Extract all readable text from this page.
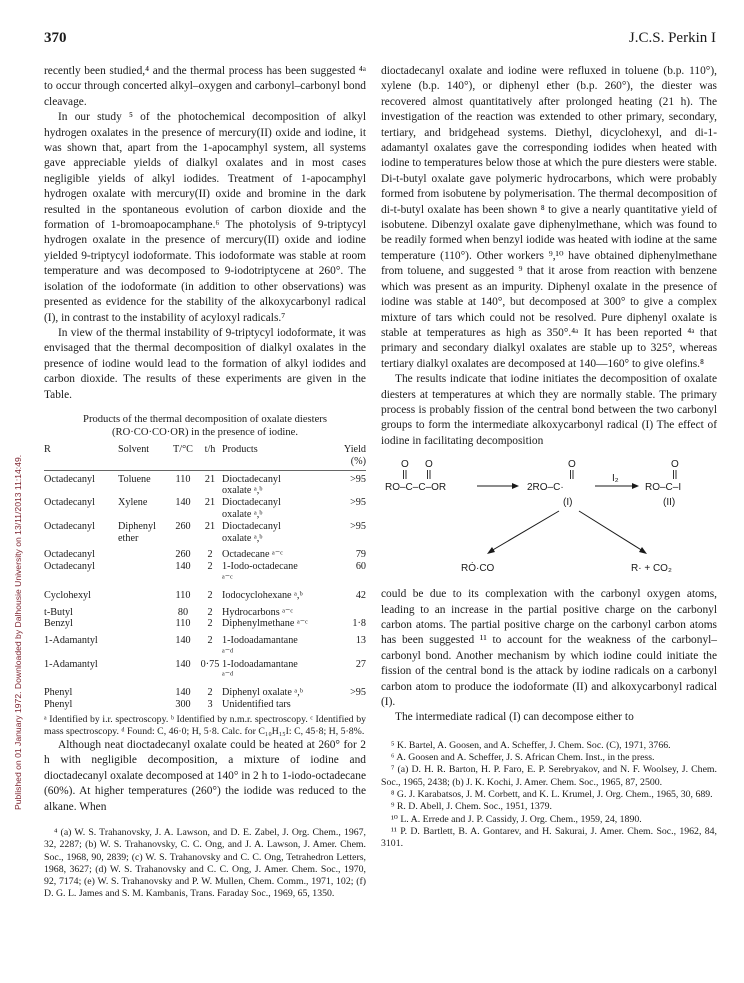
370	J.C.S. Perkin I
Published on 01 January 1972. Downloaded by Dalhousie University on 13/11/2013 11:14:49.

recently been studied,⁴ and the thermal process has been suggested ⁴ᵃ to occur through concerted alkyl–oxygen and carbonyl–carbonyl bond cleavage.

In our study ⁵ of the photochemical decomposition of alkyl hydrogen oxalates in the presence of mercury(II) oxide and iodine, it was shown that, apart from the 1-apocamphyl system, all systems gave appreciable yields of dialkyl oxalates and in most cases negligible yields of alkyl iodides. Treatment of 1-apocamphyl hydrogen oxalate with mercury(II) oxide and bromine in the dark resulted in the spontaneous evolution of carbon dioxide and the formation of 1-bromoapocamphane.⁶ The photolysis of 9-triptycyl hydrogen oxalate in the presence of mercury(II) oxide and iodine yielded 9-triptycyl iodoformate. This iodoformate was stable at room temperature and was decomposed to 9-iodotriptycene at 260°. The isolation of the iodoformate (in addition to other observations) was presented as evidence for the stability of the alkoxycarbonyl radical (I), in contrast to the instability of acyloxyl radicals.⁷

In view of the thermal instability of 9-triptycyl iodoformate, it was envisaged that the thermal decomposition of dialkyl oxalates in the presence of iodine would lead to the formation of alkyl iodides and carbon dioxide. The results of these experiments are given in the Table.

Products of the thermal decomposition of oxalate diesters (RO·CO·CO·OR) in the presence of iodine.
R	Solvent	T/°C	t/h	Products	Yield
(%)
Octadecanyl	Toluene	110	21	Dioctadecanyl oxalate ᵃ,ᵇ	>95
Octadecanyl	Xylene	140	21	Dioctadecanyl oxalate ᵃ,ᵇ	>95
Octadecanyl	Diphenyl ether	260	21	Dioctadecanyl oxalate ᵃ,ᵇ	>95
Octadecanyl		260	2	Octadecane ᵃ⁻ᶜ	79
Octadecanyl		140	2	1-Iodo-octadecane ᵃ⁻ᶜ	60
Cyclohexyl		110	2	Iodocyclohexane ᵃ,ᵇ	42
t-Butyl		80	2	Hydrocarbons ᵃ⁻ᶜ	
Benzyl		110	2	Diphenylmethane ᵃ⁻ᶜ	1·8
1-Adamantyl		140	2	1-Iodoadamantane ᵃ⁻ᵈ	13
1-Adamantyl		140	0·75	1-Iodoadamantane ᵃ⁻ᵈ	27
Phenyl		140	2	Diphenyl oxalate ᵃ,ᵇ	>95
Phenyl		300	3	Unidentified tars	
ᵃ Identified by i.r. spectroscopy. ᵇ Identified by n.m.r. spectroscopy. ᶜ Identified by mass spectroscopy. ᵈ Found: C, 46·0; H, 5·8. Calc. for C₁₀H₁₅I: C, 45·8; H, 5·8%.

Although neat dioctadecanyl oxalate could be heated at 260° for 2 h with negligible decomposition, a mixture of iodine and dioctadecanyl oxalate decomposed at 140° in 2 h to 1-iodo-octadecane (60%). At higher temperatures (260°) the iodide was reduced to the alkane. When

⁴ (a) W. S. Trahanovsky, J. A. Lawson, and D. E. Zabel, J. Org. Chem., 1967, 32, 2287; (b) W. S. Trahanovsky, C. C. Ong, and J. A. Lawson, J. Amer. Chem. Soc., 1968, 90, 2839; (c) W. S. Trahanovsky and C. C. Ong, Tetrahedron Letters, 1968, 3627; (d) W. S. Trahanovsky and C. C. Ong, J. Amer. Chem. Soc., 1970, 92, 7174; (e) W. S. Trahanovsky and P. W. Mullen, Chem. Comm., 1971, 102; (f) D. G. L. James and S. M. Kambanis, Trans. Faraday Soc., 1969, 65, 1350.

dioctadecanyl oxalate and iodine were refluxed in toluene (b.p. 110°), xylene (b.p. 140°), or diphenyl ether (b.p. 260°), the diester was recovered almost quantitatively after prolonged heating (21 h). The investigation of the reaction was extended to other primary, secondary, tertiary, and bridgehead systems. Diethyl, dicyclohexyl, and di-1-adamantyl oxalates gave the corresponding iodides when heated with iodine to temperatures below those at which the pure diesters were stable. Di-t-butyl oxalate gave polymeric hydrocarbons, which were probably formed from isobutene by polymerisation. The thermal decomposition of di-t-butyl oxalate has been shown ⁸ to give a nearly quantitative yield of isobutene. Dibenzyl oxalate gave diphenylmethane, which was found to be readily formed when benzyl iodide was heated with iodine at the same temperature (110°). Other workers ⁹,¹⁰ have obtained diphenylmethane from toluene, and suggested ⁹ that it arose from reaction with benzene which was present as an impurity. Diphenyl oxalate in the presence of iodine was stable at 140°, but decomposed at 300° to give a complex mixture of tars which could not be resolved. Pure diphenyl oxalate is stable at temperatures as high as 350°.⁴ᵃ It has been reported ⁴ᵃ that primary and secondary dialkyl oxalates are stable up to 325°, whereas tertiary dialkyl oxalates are decomposed at 140—160° to give olefins.⁸

The results indicate that iodine initiates the decomposition of oxalate diesters at temperatures at which they are normally stable. The primary process is probably fission of the central bond between the two carbonyl groups to form the intermediate alkoxycarbonyl radical (I) The effect of iodine in facilitating decomposition

O O	O	O
RO–C–C–OR	2RO–C·
I₂
RO–C–I
(I)	(II)
RȮ·CO	R· + CO₂

could be due to its complexation with the carbonyl oxygen atoms, leading to an increase in the partial positive charge on the carbonyl carbon atoms. The partial positive charge on the carbonyl carbon atoms has been suggested ¹¹ to account for the weakness of the carbonyl–carbonyl bond. Another mechanism by which iodine could initiate the fission of the central bond is the attack by iodine radicals on a carbonyl carbon atom to produce the iodoformate (II) and alkoxycarbonyl radical (I).

The intermediate radical (I) can decompose either to

⁵ K. Bartel, A. Goosen, and A. Scheffer, J. Chem. Soc. (C), 1971, 3766.

⁶ A. Goosen and A. Scheffer, J. S. African Chem. Inst., in the press.

⁷ (a) D. H. R. Barton, H. P. Faro, E. P. Serebryakov, and N. F. Woolsey, J. Chem. Soc., 1965, 2438; (b) J. K. Kochi, J. Amer. Chem. Soc., 1965, 87, 2500.

⁸ G. J. Karabatsos, J. M. Corbett, and K. L. Krumel, J. Org. Chem., 1965, 30, 689.

⁹ R. D. Abell, J. Chem. Soc., 1951, 1379.

¹⁰ L. A. Errede and J. P. Cassidy, J. Org. Chem., 1959, 24, 1890.

¹¹ P. D. Bartlett, B. A. Gontarev, and H. Sakurai, J. Amer. Chem. Soc., 1962, 84, 3101.
